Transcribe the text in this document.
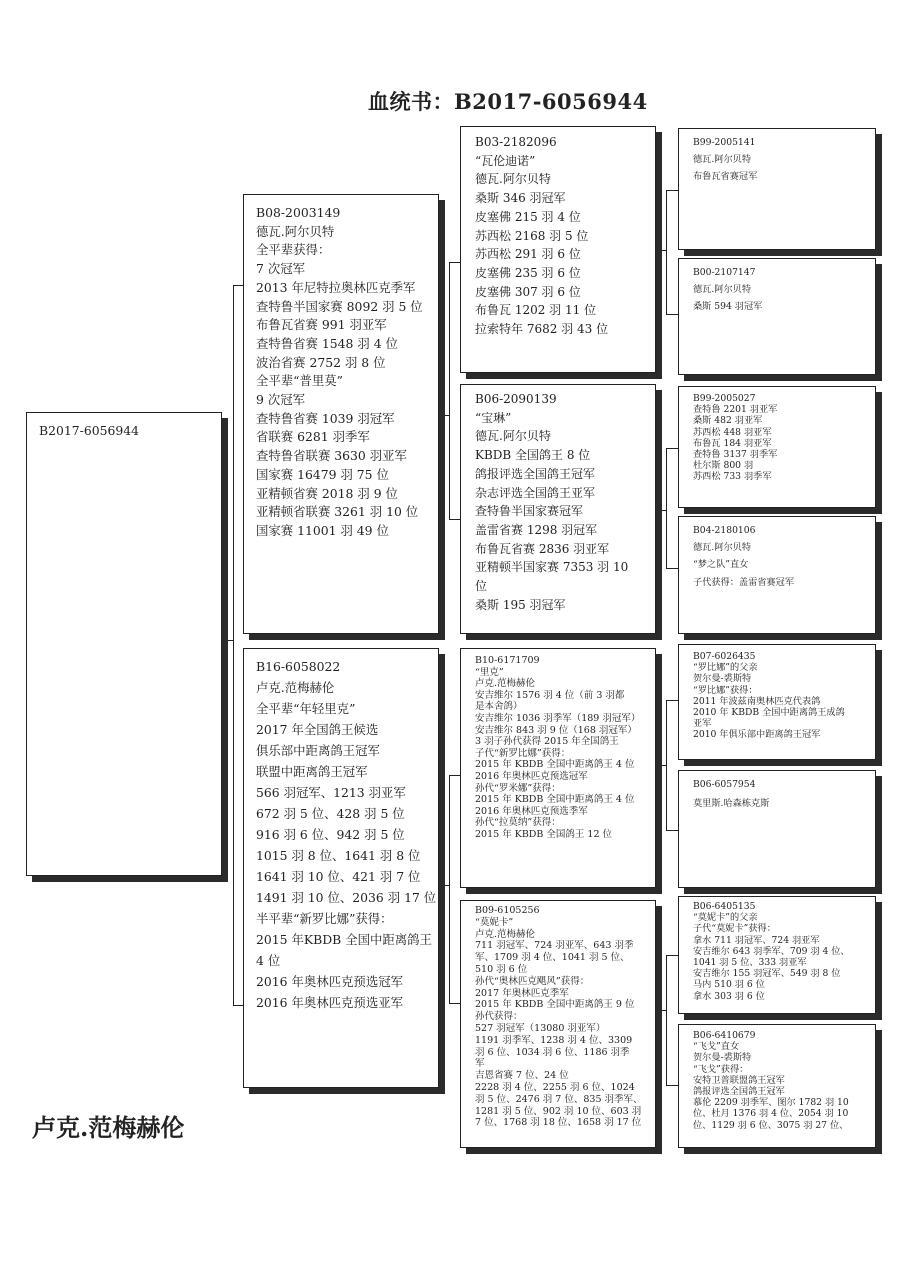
血统书：B2017-6056944
B2017-6056944
B08-2003149
德瓦.阿尔贝特
全平辈获得：
7 次冠军
2013 年尼特拉奥林匹克季军
查特鲁半国家赛 8092 羽 5 位
布鲁瓦省赛 991 羽亚军
查特鲁省赛 1548 羽 4 位
波治省赛 2752 羽 8 位
全平辈“普里莫”
9 次冠军
查特鲁省赛 1039 羽冠军
省联赛 6281 羽季军
查特鲁省联赛 3630 羽亚军
国家赛 16479 羽 75 位
亚精顿省赛 2018 羽 9 位
亚精顿省联赛 3261 羽 10 位
国家赛 11001 羽 49 位
B16-6058022
卢克.范梅赫伦
全平辈“年轻里克”
2017 年全国鸽王候选
俱乐部中距离鸽王冠军
联盟中距离鸽王冠军
566 羽冠军、1213 羽亚军
672 羽 5 位、428 羽 5 位
916 羽 6 位、942 羽 5 位
1015 羽 8 位、1641 羽 8 位
1641 羽 10 位、421 羽 7 位
1491 羽 10 位、2036 羽 17 位
半平辈“新罗比娜”获得：
2015 年KBDB 全国中距离鸽王
4 位
2016 年奥林匹克预选冠军
2016 年奥林匹克预选亚军
B03-2182096
“瓦伦迪诺”
德瓦.阿尔贝特
桑斯 346 羽冠军
皮塞佛 215 羽 4 位
苏西松 2168 羽 5 位
苏西松 291 羽 6 位
皮塞佛 235 羽 6 位
皮塞佛 307 羽 6 位
布鲁瓦 1202 羽 11 位
拉索特年 7682 羽 43 位
B06-2090139
“宝琳”
德瓦.阿尔贝特
KBDB 全国鸽王 8 位
鸽报评选全国鸽王冠军
杂志评选全国鸽王亚军
查特鲁半国家赛冠军
盖雷省赛 1298 羽冠军
布鲁瓦省赛 2836 羽亚军
亚精顿半国家赛 7353 羽 10
位
桑斯 195 羽冠军
B10-6171709
“里克”
卢克.范梅赫伦
安吉维尔 1576 羽 4 位（前 3 羽都
是本舍鸽）
安吉维尔 1036 羽季军（189 羽冠军）
安吉维尔 843 羽 9 位（168 羽冠军）
3 羽子孙代获得 2015 年全国鸽王
子代“新罗比娜”获得：
2015 年 KBDB 全国中距离鸽王 4 位
2016 年奥林匹克预选冠军
孙代“罗米娜”获得：
2015 年 KBDB 全国中距离鸽王 4 位
2016 年奥林匹克预选季军
孙代“拉莫纳”获得：
2015 年 KBDB 全国鸽王 12 位
B09-6105256
“莫妮卡”
卢克.范梅赫伦
711 羽冠军、724 羽亚军、643 羽季
军、1709 羽 4 位、1041 羽 5 位、
510 羽 6 位
孙代“奥林匹克飓风”获得：
2017 年奥林匹克季军
2015 年 KBDB 全国中距离鸽王 9 位
孙代获得：
527 羽冠军（13080 羽亚军）
1191 羽季军、1238 羽 4 位、3309
羽 6 位、1034 羽 6 位、1186 羽季
军
吉恩省赛 7 位、24 位
2228 羽 4 位、2255 羽 6 位、1024
羽 5 位、2476 羽 7 位、835 羽季军、
1281 羽 5 位、902 羽 10 位、603 羽
7 位、1768 羽 18 位、1658 羽 17 位
B99-2005141
德瓦.阿尔贝特
布鲁瓦省赛冠军
B00-2107147
德瓦.阿尔贝特
桑斯 594 羽冠军
B99-2005027
查特鲁 2201 羽亚军
桑斯 482 羽亚军
苏西松 448 羽亚军
布鲁瓦 184 羽亚军
查特鲁 3137 羽季军
杜尔斯 800 羽
苏西松 733 羽季军
B04-2180106
德瓦.阿尔贝特
“梦之队”直女
子代获得：盖雷省赛冠军
B07-6026435
“罗比娜”的父亲
贺尔曼-裘斯特
“罗比娜”获得：
2011 年波兹南奥林匹克代表鸽
2010 年 KBDB 全国中距离鸽王成鸽
亚军
2010 年俱乐部中距离鸽王冠军
B06-6057954
莫里斯.哈森栋克斯
B06-6405135
“莫妮卡”的父亲
子代“莫妮卡”获得：
拿水 711 羽冠军、724 羽亚军
安吉维尔 643 羽季军、709 羽 4 位、
1041 羽 5 位、333 羽亚军
安吉维尔 155 羽冠军、549 羽 8 位
马内 510 羽 6 位
拿水 303 羽 6 位
B06-6410679
“飞戈”直女
贺尔曼-裘斯特
“飞戈”获得：
安特卫普联盟鸽王冠军
鸽报评选全国鸽王冠军
慕伦 2209 羽季军、图尔 1782 羽 10
位、杜月 1376 羽 4 位、2054 羽 10
位、1129 羽 6 位、3075 羽 27 位、
卢克.范梅赫伦
